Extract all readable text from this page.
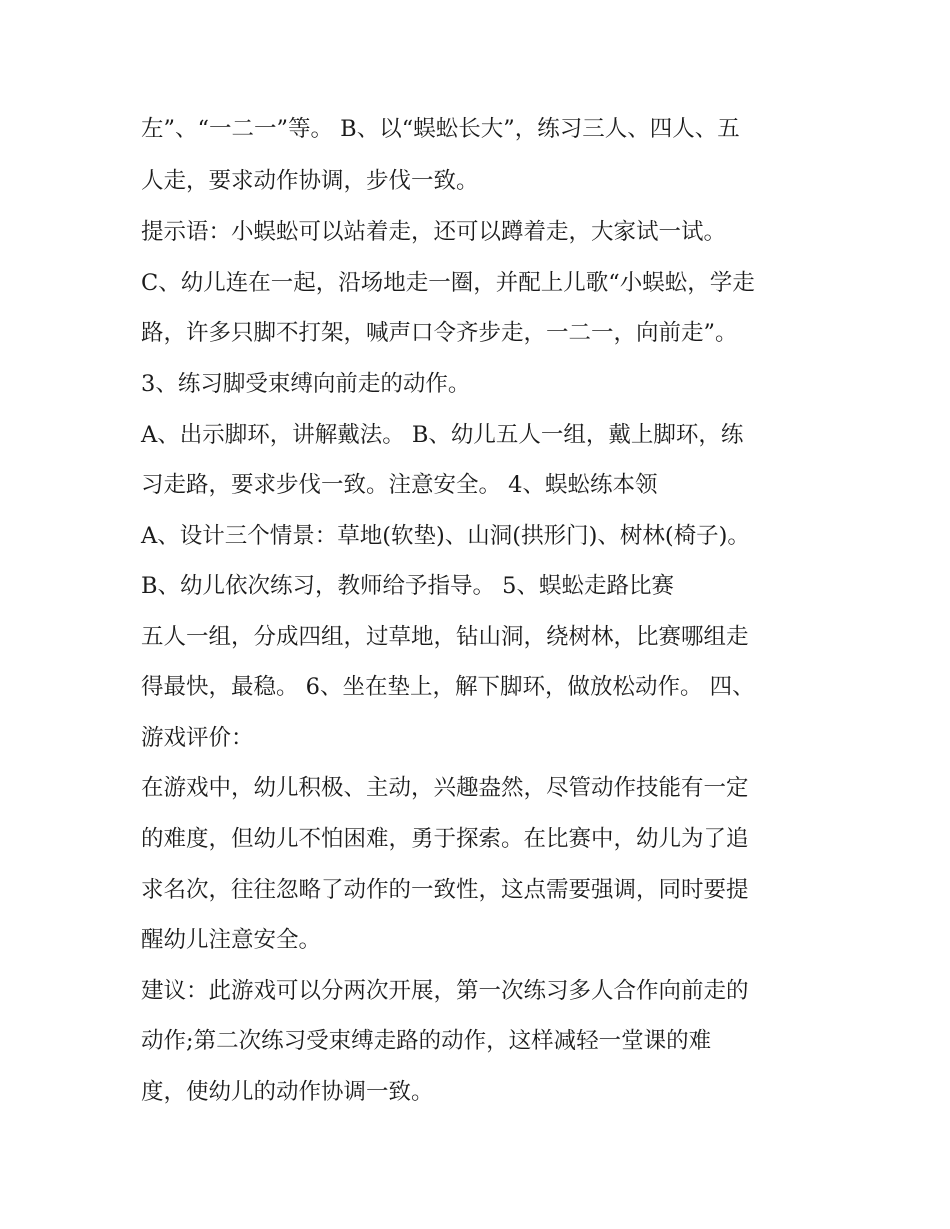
左”、“一二一”等。 B、以“蜈蚣长大”，练习三人、四人、五
人走，要求动作协调，步伐一致。
提示语：小蜈蚣可以站着走，还可以蹲着走，大家试一试。
C、幼儿连在一起，沿场地走一圈，并配上儿歌“小蜈蚣，学走
路，许多只脚不打架，喊声口令齐步走，一二一，向前走”。
3、练习脚受束缚向前走的动作。
A、出示脚环，讲解戴法。 B、幼儿五人一组，戴上脚环，练
习走路，要求步伐一致。注意安全。 4、蜈蚣练本领
A、设计三个情景：草地(软垫)、山洞(拱形门)、树林(椅子)。
B、幼儿依次练习，教师给予指导。 5、蜈蚣走路比赛
五人一组，分成四组，过草地，钻山洞，绕树林，比赛哪组走
得最快，最稳。 6、坐在垫上，解下脚环，做放松动作。 四、
游戏评价：
在游戏中，幼儿积极、主动，兴趣盎然，尽管动作技能有一定
的难度，但幼儿不怕困难，勇于探索。在比赛中，幼儿为了追
求名次，往往忽略了动作的一致性，这点需要强调，同时要提
醒幼儿注意安全。
建议：此游戏可以分两次开展，第一次练习多人合作向前走的
动作;第二次练习受束缚走路的动作，这样减轻一堂课的难
度，使幼儿的动作协调一致。
